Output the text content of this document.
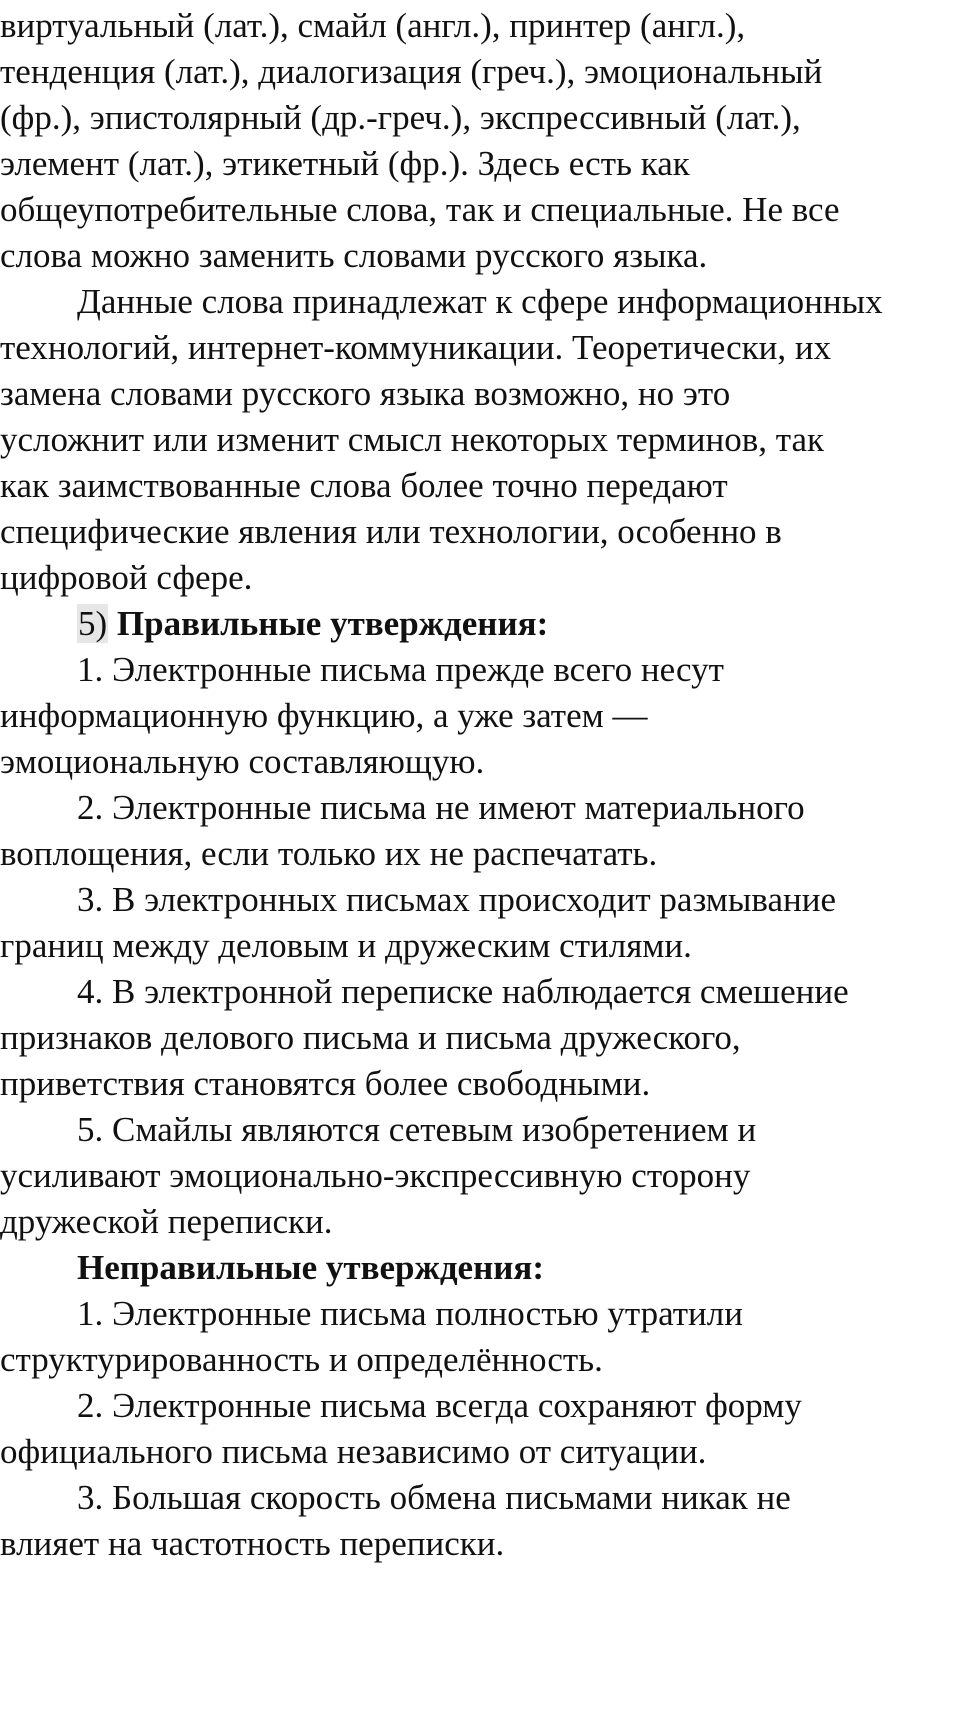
виртуальный (лат.), смайл (англ.), принтер (англ.),

тенденция (лат.), диалогизация (греч.), эмоциональный

(фр.), эпистолярный (др.-греч.), экспрессивный (лат.),

элемент (лат.), этикетный (фр.). Здесь есть как

общеупотребительные слова, так и специальные. Не все

слова можно заменить словами русского языка.

Данные слова принадлежат к сфере информационных

технологий, интернет-коммуникации. Теоретически, их

замена словами русского языка возможно, но это

усложнит или изменит смысл некоторых терминов, так

как заимствованные слова более точно передают

специфические явления или технологии, особенно в

цифровой сфере.

5) Правильные утверждения:

1. Электронные письма прежде всего несут

информационную функцию, а уже затем —

эмоциональную составляющую.

2. Электронные письма не имеют материального

воплощения, если только их не распечатать.

3. В электронных письмах происходит размывание

границ между деловым и дружеским стилями.

4. В электронной переписке наблюдается смешение

признаков делового письма и письма дружеского,

приветствия становятся более свободными.

5. Смайлы являются сетевым изобретением и

усиливают эмоционально-экспрессивную сторону

дружеской переписки.

Неправильные утверждения:

1. Электронные письма полностью утратили

структурированность и определённость.

2. Электронные письма всегда сохраняют форму

официального письма независимо от ситуации.

3. Большая скорость обмена письмами никак не

влияет на частотность переписки.
